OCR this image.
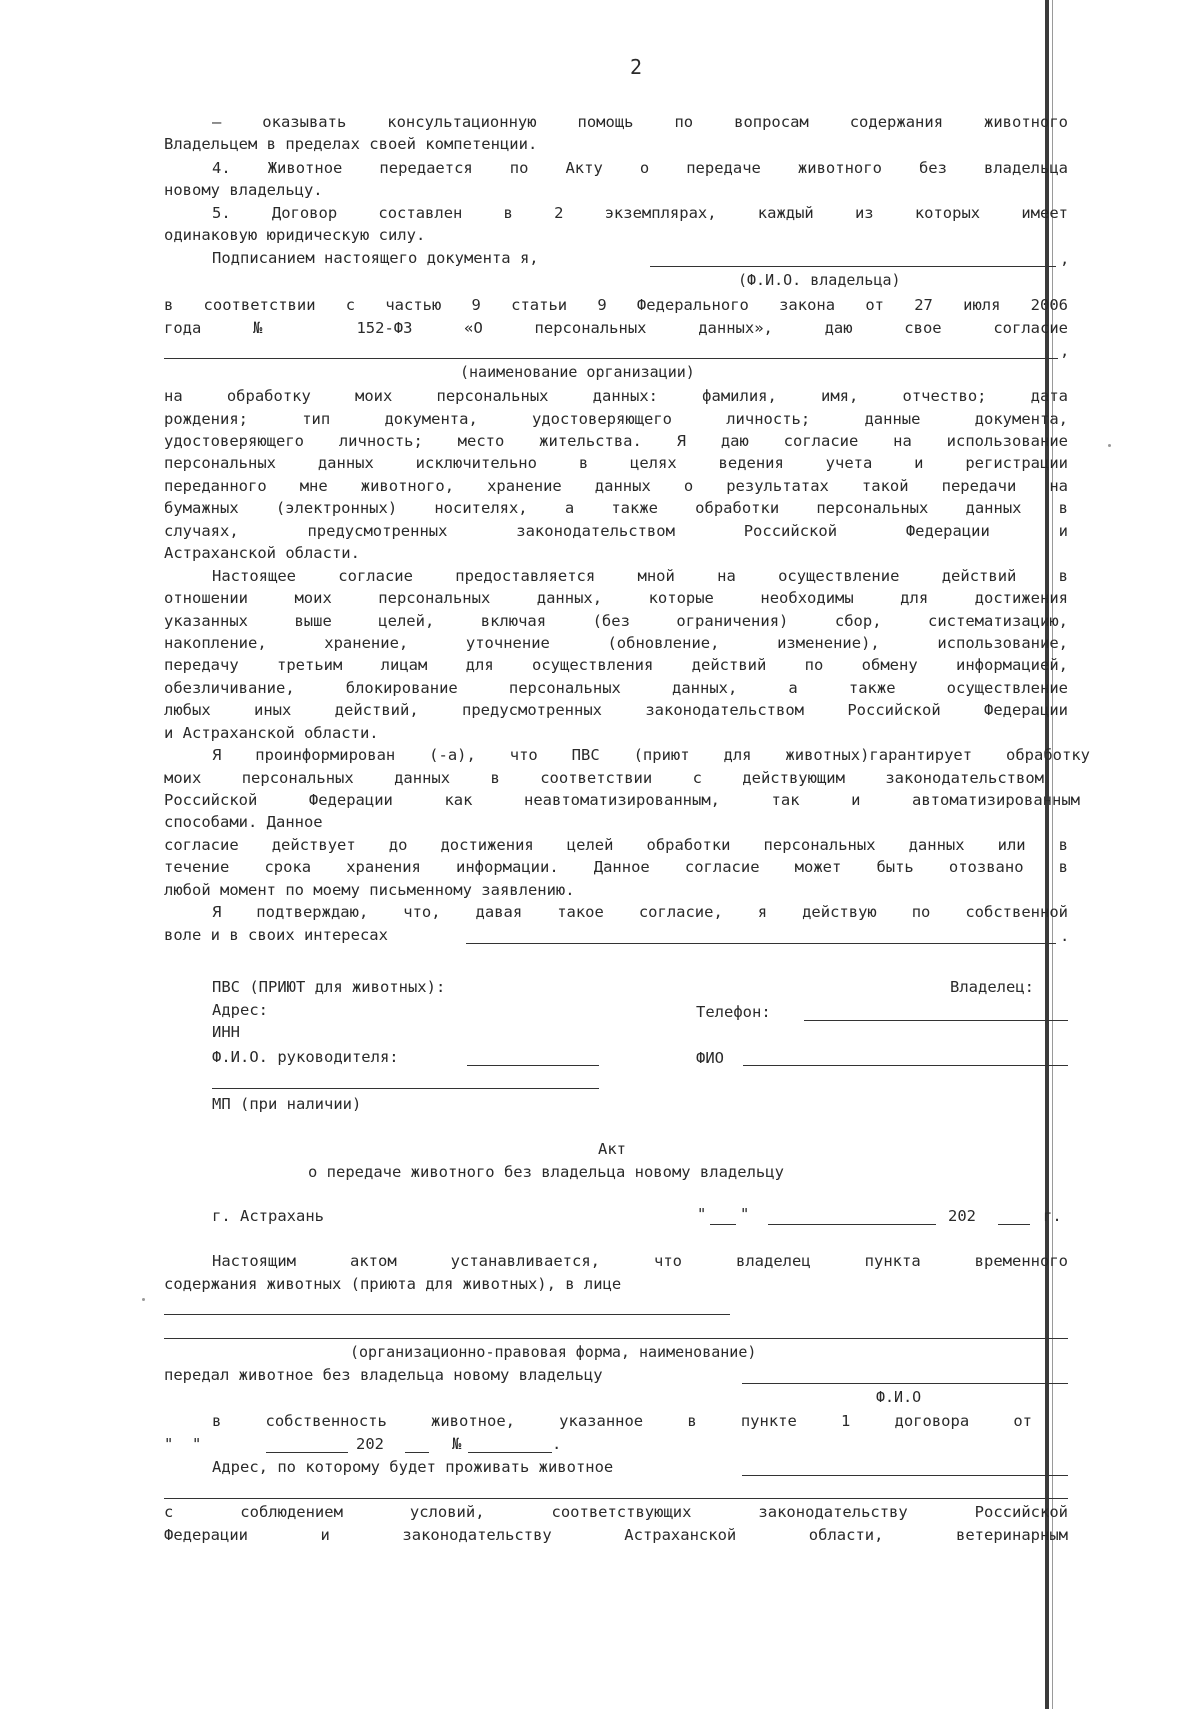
2
– оказывать консультационную помощь по вопросам содержания животного
Владельцем в пределах своей компетенции.
4. Животное передается по Акту о передаче животного без владельца
новому владельцу.
5. Договор составлен в 2 экземплярах, каждый из которых имеет
одинаковую юридическую силу.
Подписанием настоящего документа я,	,
(Ф.И.О. владельца)
в соответствии с частью 9 статьи 9 Федерального закона от 27 июля 2006
года № 152-ФЗ «О персональных данных», даю свое согласие
,
(наименование организации)
на обработку моих персональных данных: фамилия, имя, отчество; дата
рождения; тип документа, удостоверяющего личность; данные документа,
удостоверяющего личность; место жительства. Я даю согласие на использование
персональных данных исключительно в целях ведения учета и регистрации
переданного мне животного, хранение данных о результатах такой передачи на
бумажных (электронных) носителях, а также обработки персональных данных в
случаях, предусмотренных законодательством Российской Федерации и
Астраханской области.
Настоящее согласие предоставляется мной на осуществление действий в
отношении моих персональных данных, которые необходимы для достижения
указанных выше целей, включая (без ограничения) сбор, систематизацию,
накопление, хранение, уточнение (обновление, изменение), использование,
передачу третьим лицам для осуществления действий по обмену информацией,
обезличивание, блокирование персональных данных, а также осуществление
любых иных действий, предусмотренных законодательством Российской Федерации
и Астраханской области.
Я проинформирован (-а), что ПВС (приют для животных)гарантирует обработку
моих персональных данных в соответствии с действующим законодательством
Российской Федерации как неавтоматизированным, так и автоматизированным
способами. Данное
согласие действует до достижения целей обработки персональных данных или в
течение срока хранения информации. Данное согласие может быть отозвано в
любой момент по моему письменному заявлению.
Я подтверждаю, что, давая такое согласие, я действую по собственной
воле и в своих интересах	.
ПВС (ПРИЮТ для животных):	Владелец:
Адрес:	Телефон:
ИНН
Ф.И.О. руководителя:	ФИО
МП (при наличии)
Акт
о передаче животного без владельца новому владельцу
г. Астрахань	" "	202	г.
Настоящим актом устанавливается, что владелец пункта временного
содержания животных (приюта для животных), в лице
(организационно-правовая форма, наименование)
передал животное без владельца новому владельцу
Ф.И.О
в собственность животное, указанное в пункте 1 договора от
"  "	202	№	.
Адрес, по которому будет проживать животное
с соблюдением условий, соответствующих законодательству Российской
Федерации и законодательству Астраханской области, ветеринарным
